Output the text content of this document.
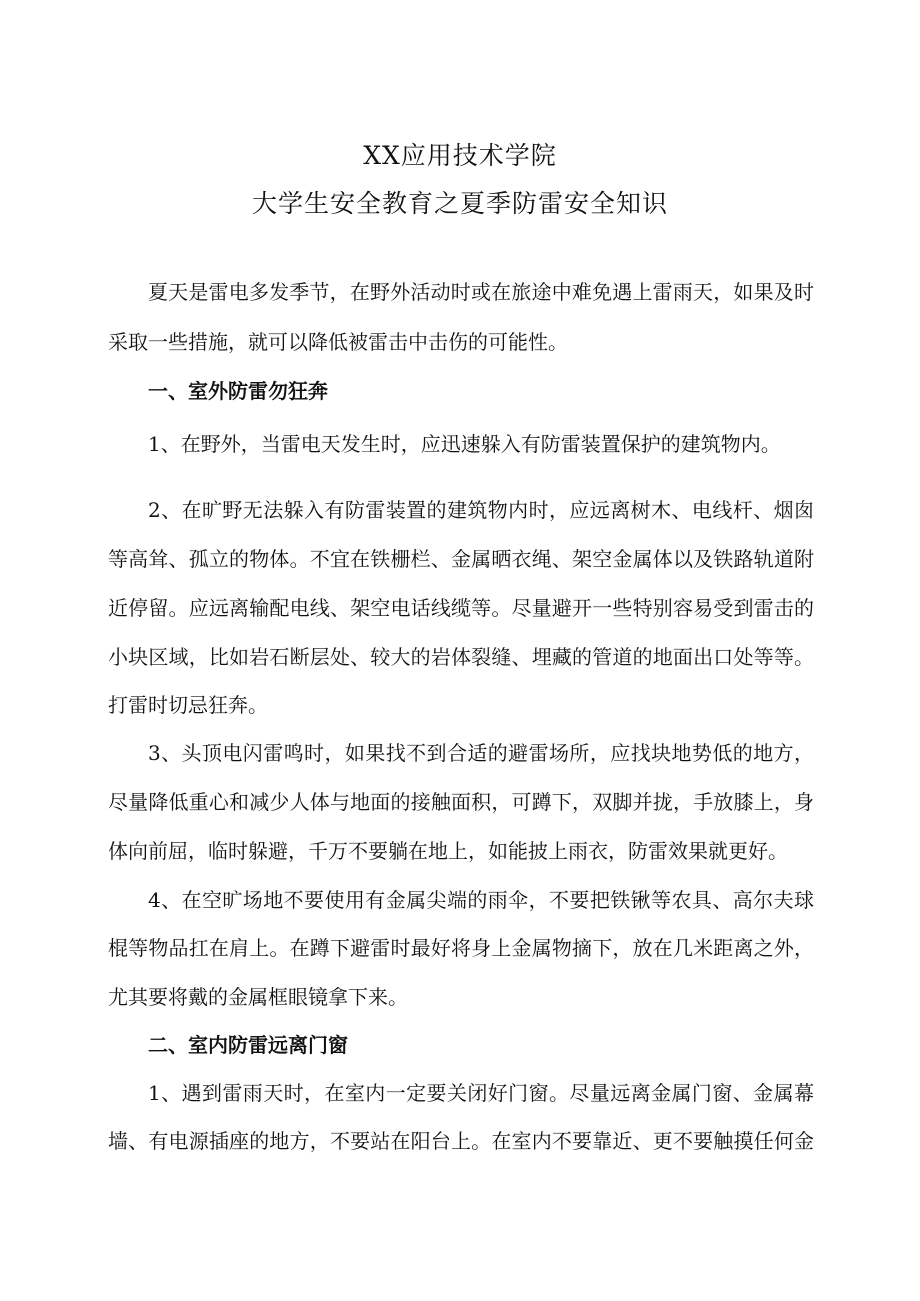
XX应用技术学院
大学生安全教育之夏季防雷安全知识
夏天是雷电多发季节，在野外活动时或在旅途中难免遇上雷雨天，如果及时
采取一些措施，就可以降低被雷击中击伤的可能性。
一、室外防雷勿狂奔
1、在野外，当雷电天发生时，应迅速躲入有防雷装置保护的建筑物内。
2、在旷野无法躲入有防雷装置的建筑物内时，应远离树木、电线杆、烟囱
等高耸、孤立的物体。不宜在铁栅栏、金属晒衣绳、架空金属体以及铁路轨道附
近停留。应远离输配电线、架空电话线缆等。尽量避开一些特别容易受到雷击的
小块区域，比如岩石断层处、较大的岩体裂缝、埋藏的管道的地面出口处等等。
打雷时切忌狂奔。
3、头顶电闪雷鸣时，如果找不到合适的避雷场所，应找块地势低的地方，
尽量降低重心和减少人体与地面的接触面积，可蹲下，双脚并拢，手放膝上，身
体向前屈，临时躲避，千万不要躺在地上，如能披上雨衣，防雷效果就更好。
4、在空旷场地不要使用有金属尖端的雨伞，不要把铁锹等农具、高尔夫球
棍等物品扛在肩上。在蹲下避雷时最好将身上金属物摘下，放在几米距离之外，
尤其要将戴的金属框眼镜拿下来。
二、室内防雷远离门窗
1、遇到雷雨天时，在室内一定要关闭好门窗。尽量远离金属门窗、金属幕
墙、有电源插座的地方，不要站在阳台上。在室内不要靠近、更不要触摸任何金
